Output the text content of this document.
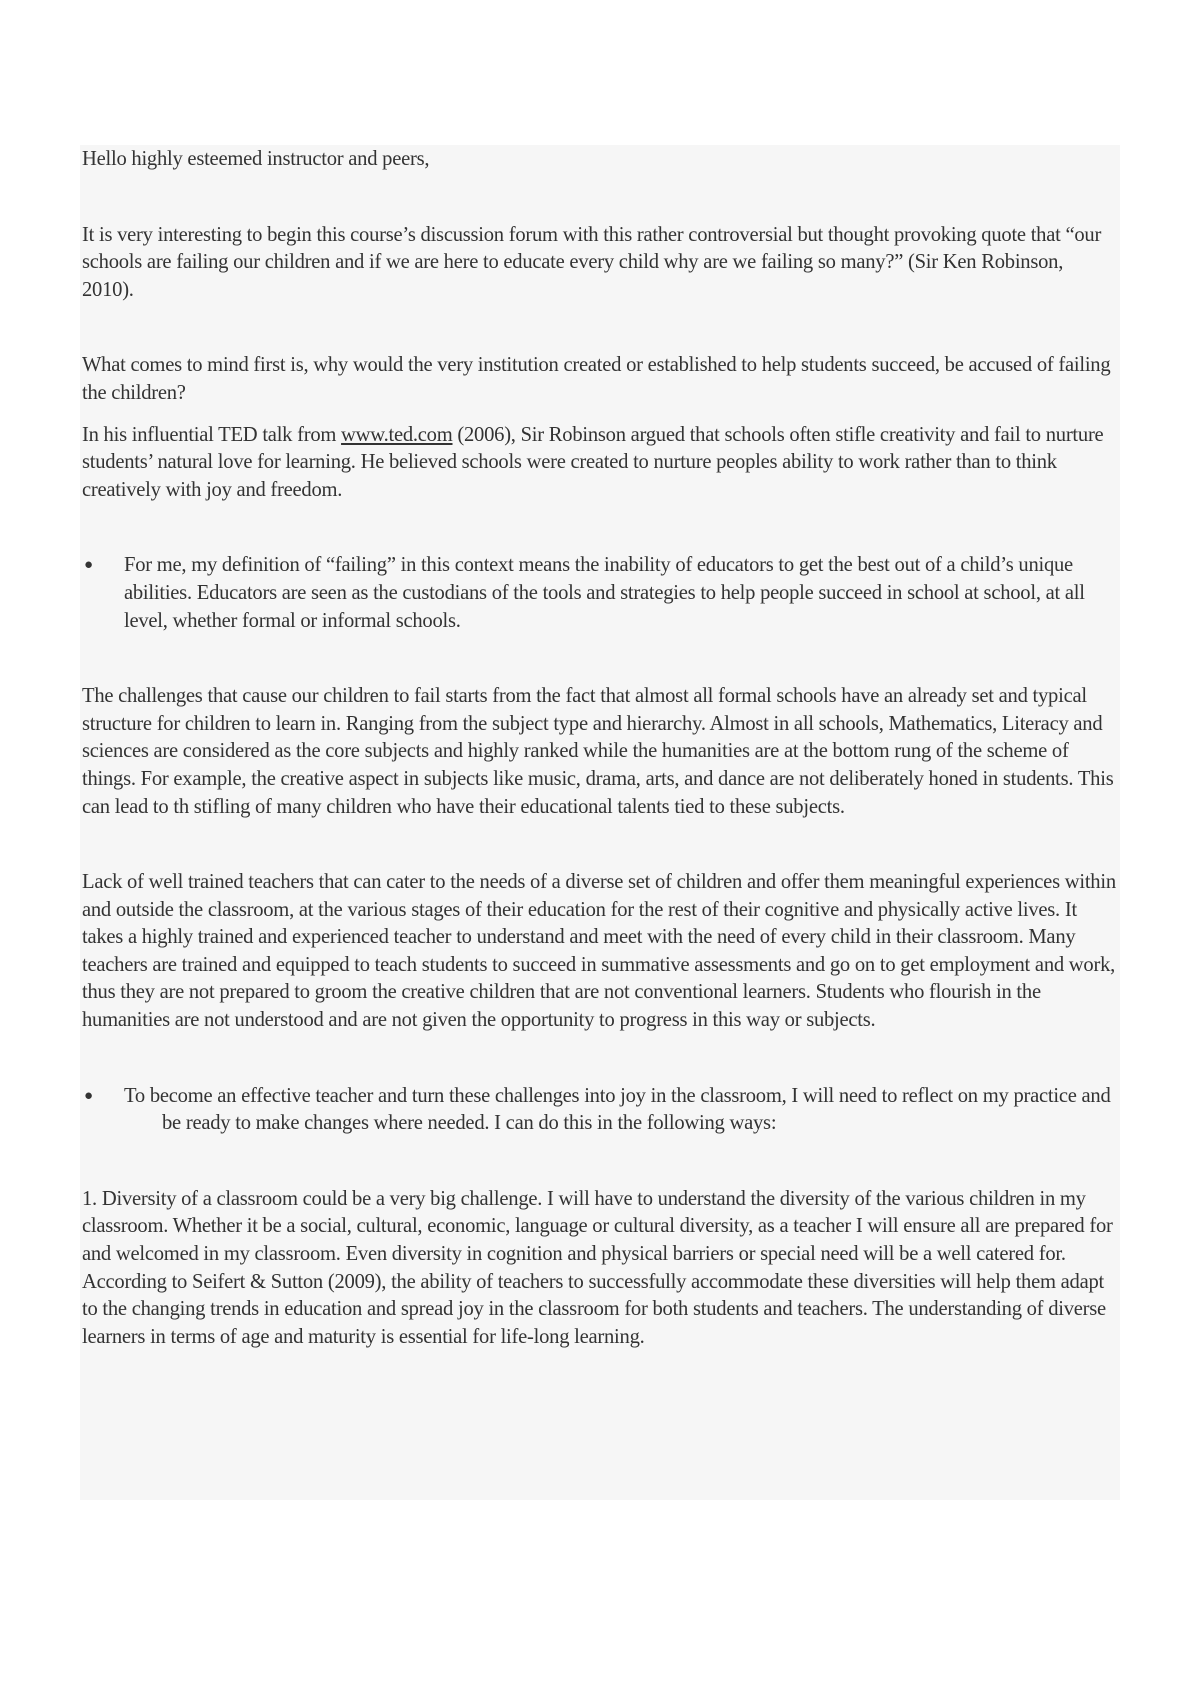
Hello highly esteemed instructor and peers,

It is very interesting to begin this course’s discussion forum with this rather controversial but thought provoking quote that “our schools are failing our children and if we are here to educate every child why are we failing so many?” (Sir Ken Robinson, 2010).

What comes to mind first is, why would the very institution created or established to help students succeed, be accused of failing the children?

In his influential TED talk from www.ted.com (2006), Sir Robinson argued that schools often stifle creativity and fail to nurture students’ natural love for learning. He believed schools were created to nurture peoples ability to work rather than to think creatively with joy and freedom.

● For me, my definition of “failing” in this context means the inability of educators to get the best out of a child’s unique abilities. Educators are seen as the custodians of the tools and strategies to help people succeed in school at school, at all level, whether formal or informal schools.

The challenges that cause our children to fail starts from the fact that almost all formal schools have an already set and typical structure for children to learn in. Ranging from the subject type and hierarchy. Almost in all schools, Mathematics, Literacy and sciences are considered as the core subjects and highly ranked while the humanities are at the bottom rung of the scheme of things. For example, the creative aspect in subjects like music, drama, arts, and dance are not deliberately honed in students. This can lead to th stifling of many children who have their educational talents tied to these subjects.

Lack of well trained teachers that can cater to the needs of a diverse set of children and offer them meaningful experiences within and outside the classroom, at the various stages of their education for the rest of their cognitive and physically active lives. It takes a highly trained and experienced teacher to understand and meet with the need of every child in their classroom. Many teachers are trained and equipped to teach students to succeed in summative assessments and go on to get employment and work, thus they are not prepared to groom the creative children that are not conventional learners. Students who flourish in the humanities are not understood and are not given the opportunity to progress in this way or subjects.

● To become an effective teacher and turn these challenges into joy in the classroom, I will need to reflect on my practice and be ready to make changes where needed. I can do this in the following ways:

1. Diversity of a classroom could be a very big challenge. I will have to understand the diversity of the various children in my classroom. Whether it be a social, cultural, economic, language or cultural diversity, as a teacher I will ensure all are prepared for and welcomed in my classroom. Even diversity in cognition and physical barriers or special need will be a well catered for. According to Seifert & Sutton (2009), the ability of teachers to successfully accommodate these diversities will help them adapt to the changing trends in education and spread joy in the classroom for both students and teachers. The understanding of diverse learners in terms of age and maturity is essential for life-long learning.
